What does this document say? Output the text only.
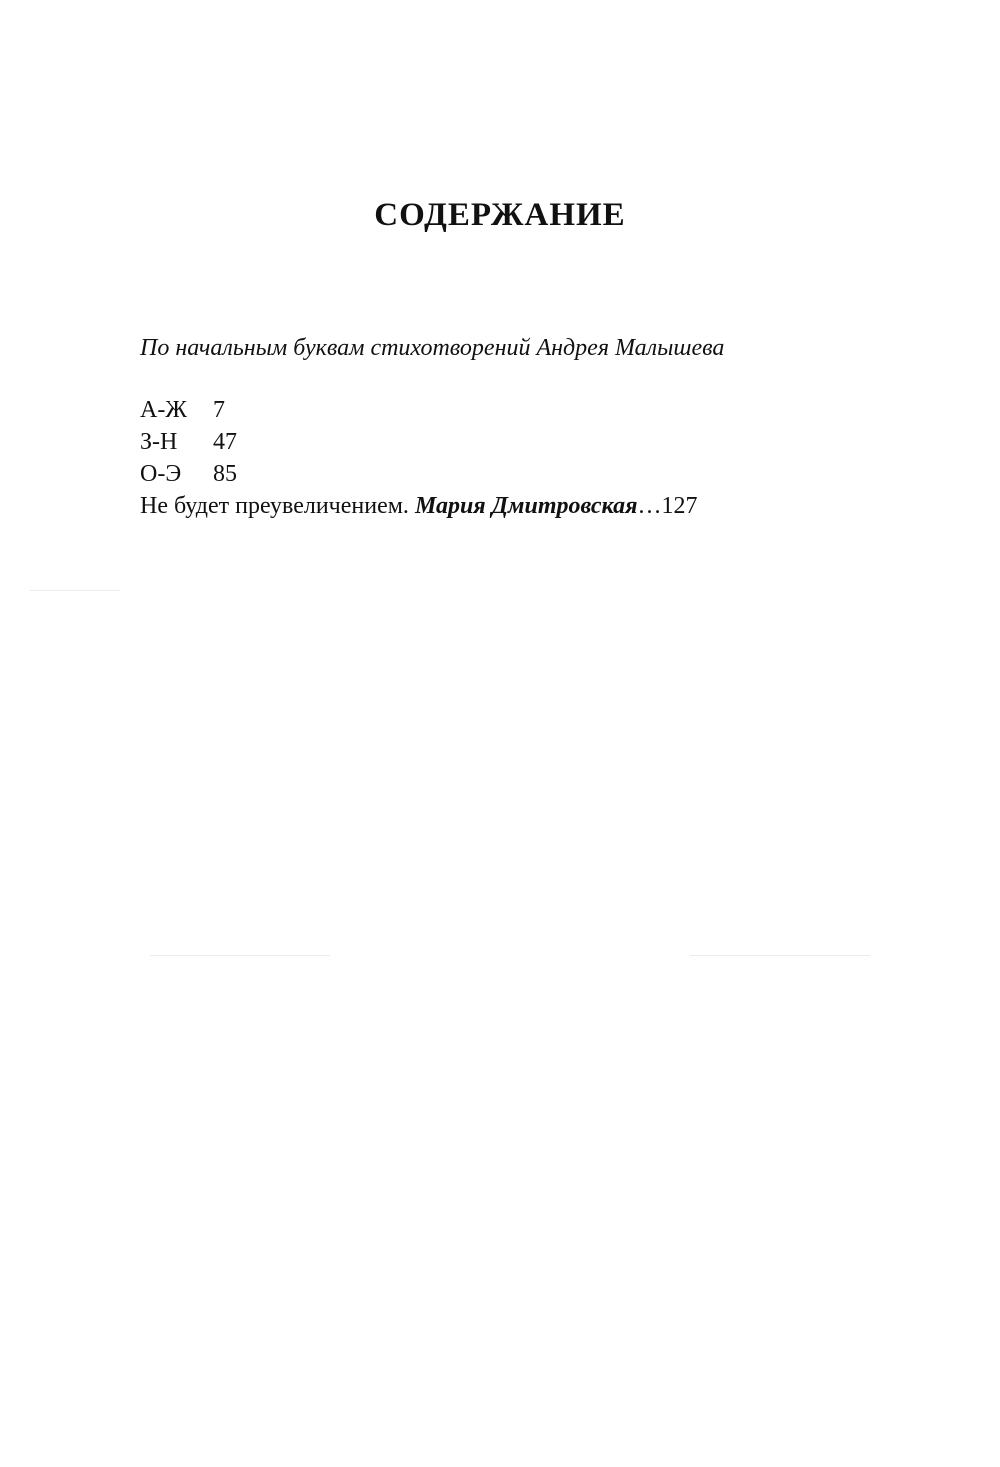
СОДЕРЖАНИЕ
По начальным буквам стихотворений Андрея Малышева
А-Ж 7
З-Н 47
О-Э 85
Не будет преувеличением. Мария Дмитровская…127
